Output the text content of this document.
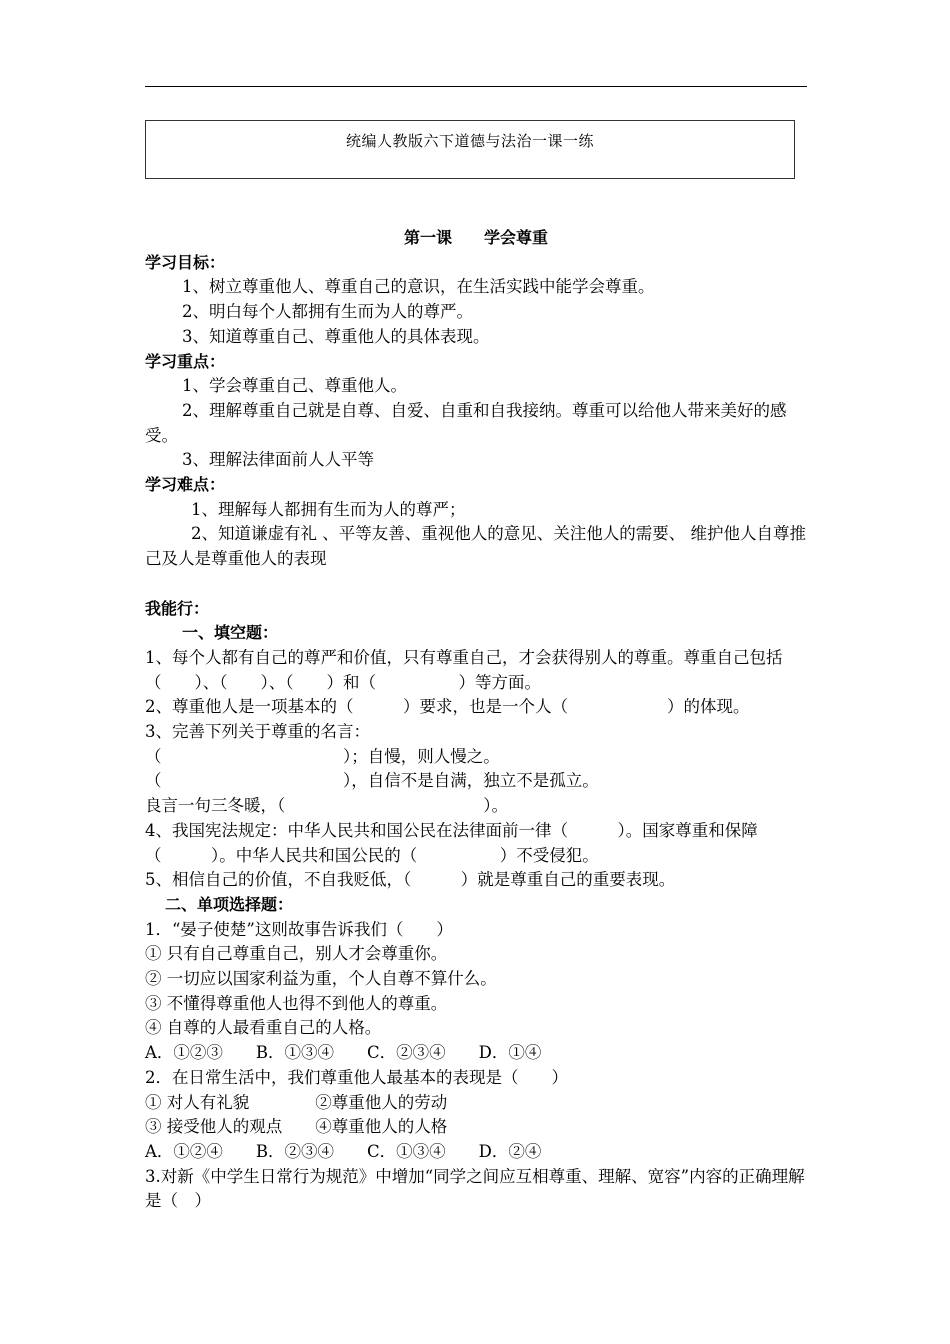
统编人教版六下道德与法治一课一练
第一课　　学会尊重
学习目标：
1、树立尊重他人、尊重自己的意识，在生活实践中能学会尊重。
2、明白每个人都拥有生而为人的尊严。
3、知道尊重自己、尊重他人的具体表现。
学习重点：
1、学会尊重自己、尊重他人。
2、理解尊重自己就是自尊、自爱、自重和自我接纳。尊重可以给他人带来美好的感受。
3、理解法律面前人人平等
学习难点：
1、理解每人都拥有生而为人的尊严；
2、知道谦虚有礼 、平等友善、重视他人的意见、关注他人的需要、 维护他人自尊推己及人是尊重他人的表现
我能行：
一、填空题：
1、每个人都有自己的尊严和价值，只有尊重自己，才会获得别人的尊重。尊重自己包括（　　）、（　　）、（　　）和（　　　　　）等方面。
2、尊重他人是一项基本的（　　　）要求，也是一个人（　　　　　　）的体现。
3、完善下列关于尊重的名言：
（　　　　　　　　　　　）；自慢，则人慢之。
（　　　　　　　　　　　），自信不是自满，独立不是孤立。
良言一句三冬暖，（　　　　　　　　　　　　）。
4、我国宪法规定：中华人民共和国公民在法律面前一律（　　　）。国家尊重和保障（　　　）。中华人民共和国公民的（　　　　　）不受侵犯。
5、相信自己的价值，不自我贬低，（　　　）就是尊重自己的重要表现。
二、单项选择题：
1．“晏子使楚”这则故事告诉我们（　　）
① 只有自己尊重自己，别人才会尊重你。
② 一切应以国家利益为重，个人自尊不算什么。
③ 不懂得尊重他人也得不到他人的尊重。
④ 自尊的人最看重自己的人格。
A．①②③　　B．①③④　　C．②③④　　D．①④
2．在日常生活中，我们尊重他人最基本的表现是（　　）
① 对人有礼貌　　　　②尊重他人的劳动
③ 接受他人的观点　　④尊重他人的人格
A．①②④　　B．②③④　　C．①③④　　D．②④
3.对新《中学生日常行为规范》中增加“同学之间应互相尊重、理解、宽容”内容的正确理解是（　）
